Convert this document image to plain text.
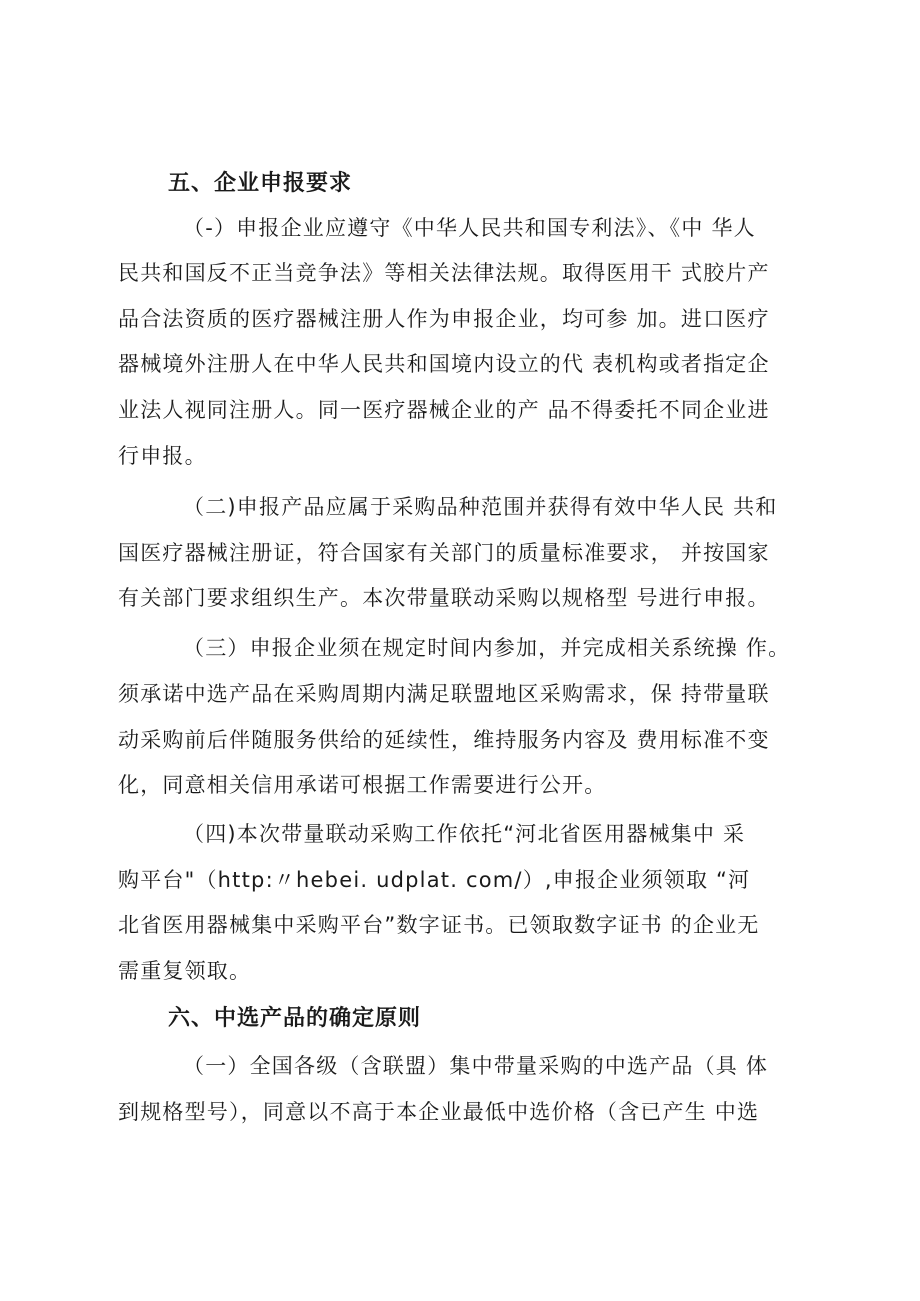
五、企业申报要求
（-）申报企业应遵守《中华人民共和国专利法》、《中 华人
民共和国反不正当竞争法》等相关法律法规。取得医用干 式胶片产
品合法资质的医疗器械注册人作为申报企业，均可参 加。进口医疗
器械境外注册人在中华人民共和国境内设立的代 表机构或者指定企
业法人视同注册人。同一医疗器械企业的产 品不得委托不同企业进
行申报。
（二)申报产品应属于采购品种范围并获得有效中华人民 共和
国医疗器械注册证，符合国家有关部门的质量标准要求， 并按国家
有关部门要求组织生产。本次带量联动采购以规格型 号进行申报。
（三）申报企业须在规定时间内参加，并完成相关系统操 作。
须承诺中选产品在采购周期内满足联盟地区采购需求，保 持带量联
动采购前后伴随服务供给的延续性，维持服务内容及 费用标准不变
化，同意相关信用承诺可根据工作需要进行公开。
（四)本次带量联动采购工作依托“河北省医用器械集中 采
购平台"（http:〃hebei. udplat. com/）,申报企业须领取 “河
北省医用器械集中采购平台”数字证书。已领取数字证书 的企业无
需重复领取。
六、中选产品的确定原则
（一）全国各级（含联盟）集中带量采购的中选产品（具 体
到规格型号），同意以不高于本企业最低中选价格（含已产生 中选
